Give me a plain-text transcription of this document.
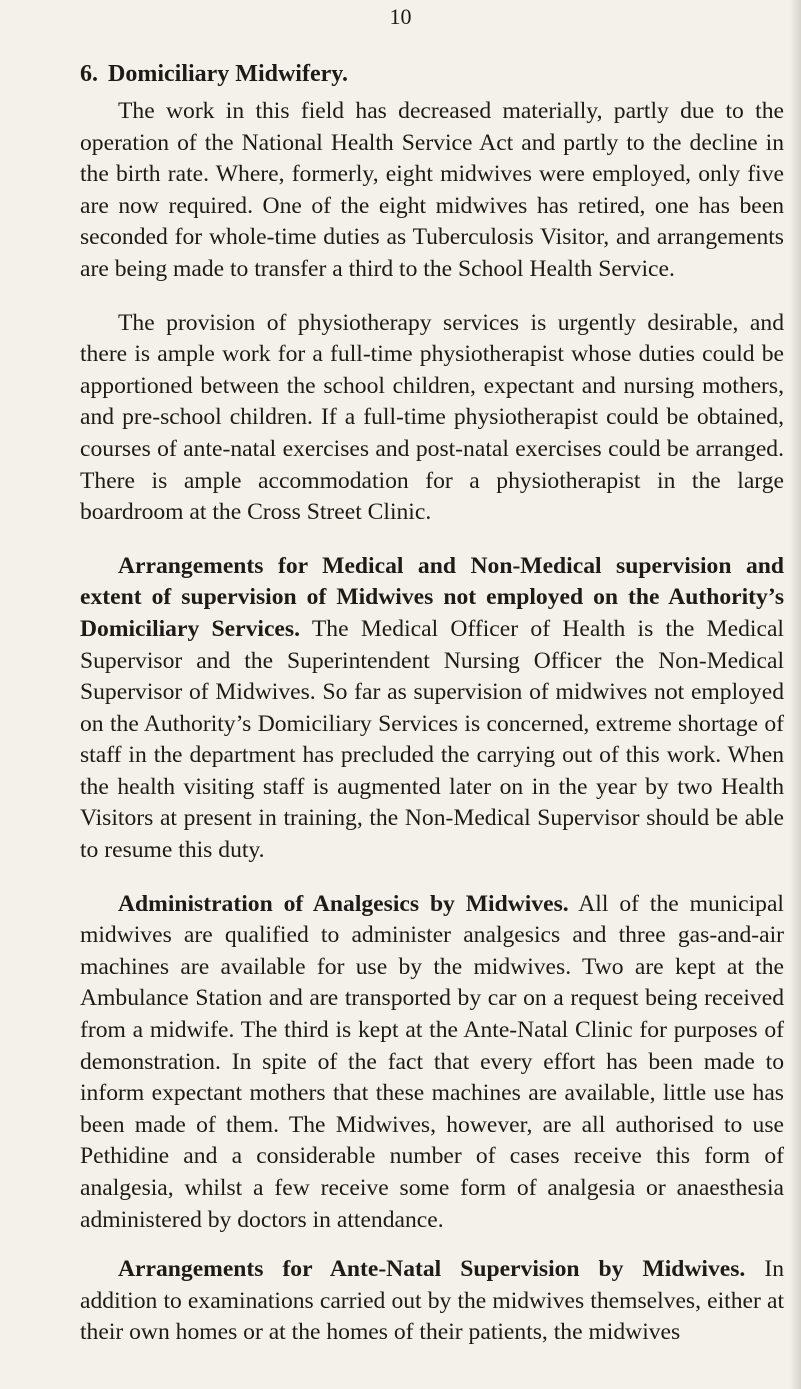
10
6. Domiciliary Midwifery.

The work in this field has decreased materially, partly due to the operation of the National Health Service Act and partly to the decline in the birth rate. Where, formerly, eight midwives were employed, only five are now required. One of the eight midwives has retired, one has been seconded for whole-time duties as Tuberculosis Visitor, and arrangements are being made to transfer a third to the School Health Service.

The provision of physiotherapy services is urgently desirable, and there is ample work for a full-time physiotherapist whose duties could be apportioned between the school children, expectant and nursing mothers, and pre-school children. If a full-time physiotherapist could be obtained, courses of ante-natal exercises and post-natal exercises could be arranged. There is ample accommodation for a physiotherapist in the large boardroom at the Cross Street Clinic.

Arrangements for Medical and Non-Medical supervision and extent of supervision of Midwives not employed on the Authority’s Domiciliary Services. The Medical Officer of Health is the Medical Supervisor and the Superintendent Nursing Officer the Non-Medical Supervisor of Midwives. So far as supervision of midwives not employed on the Authority’s Domiciliary Services is concerned, extreme shortage of staff in the department has precluded the carrying out of this work. When the health visiting staff is augmented later on in the year by two Health Visitors at present in training, the Non-Medical Supervisor should be able to resume this duty.

Administration of Analgesics by Midwives. All of the municipal midwives are qualified to administer analgesics and three gas-and-air machines are available for use by the midwives. Two are kept at the Ambulance Station and are transported by car on a request being received from a midwife. The third is kept at the Ante-Natal Clinic for purposes of demonstration. In spite of the fact that every effort has been made to inform expectant mothers that these machines are available, little use has been made of them. The Midwives, however, are all authorised to use Pethidine and a considerable number of cases receive this form of analgesia, whilst a few receive some form of analgesia or anaesthesia administered by doctors in attendance.

Arrangements for Ante-Natal Supervision by Midwives. In addition to examinations carried out by the midwives themselves, either at their own homes or at the homes of their patients, the midwives
